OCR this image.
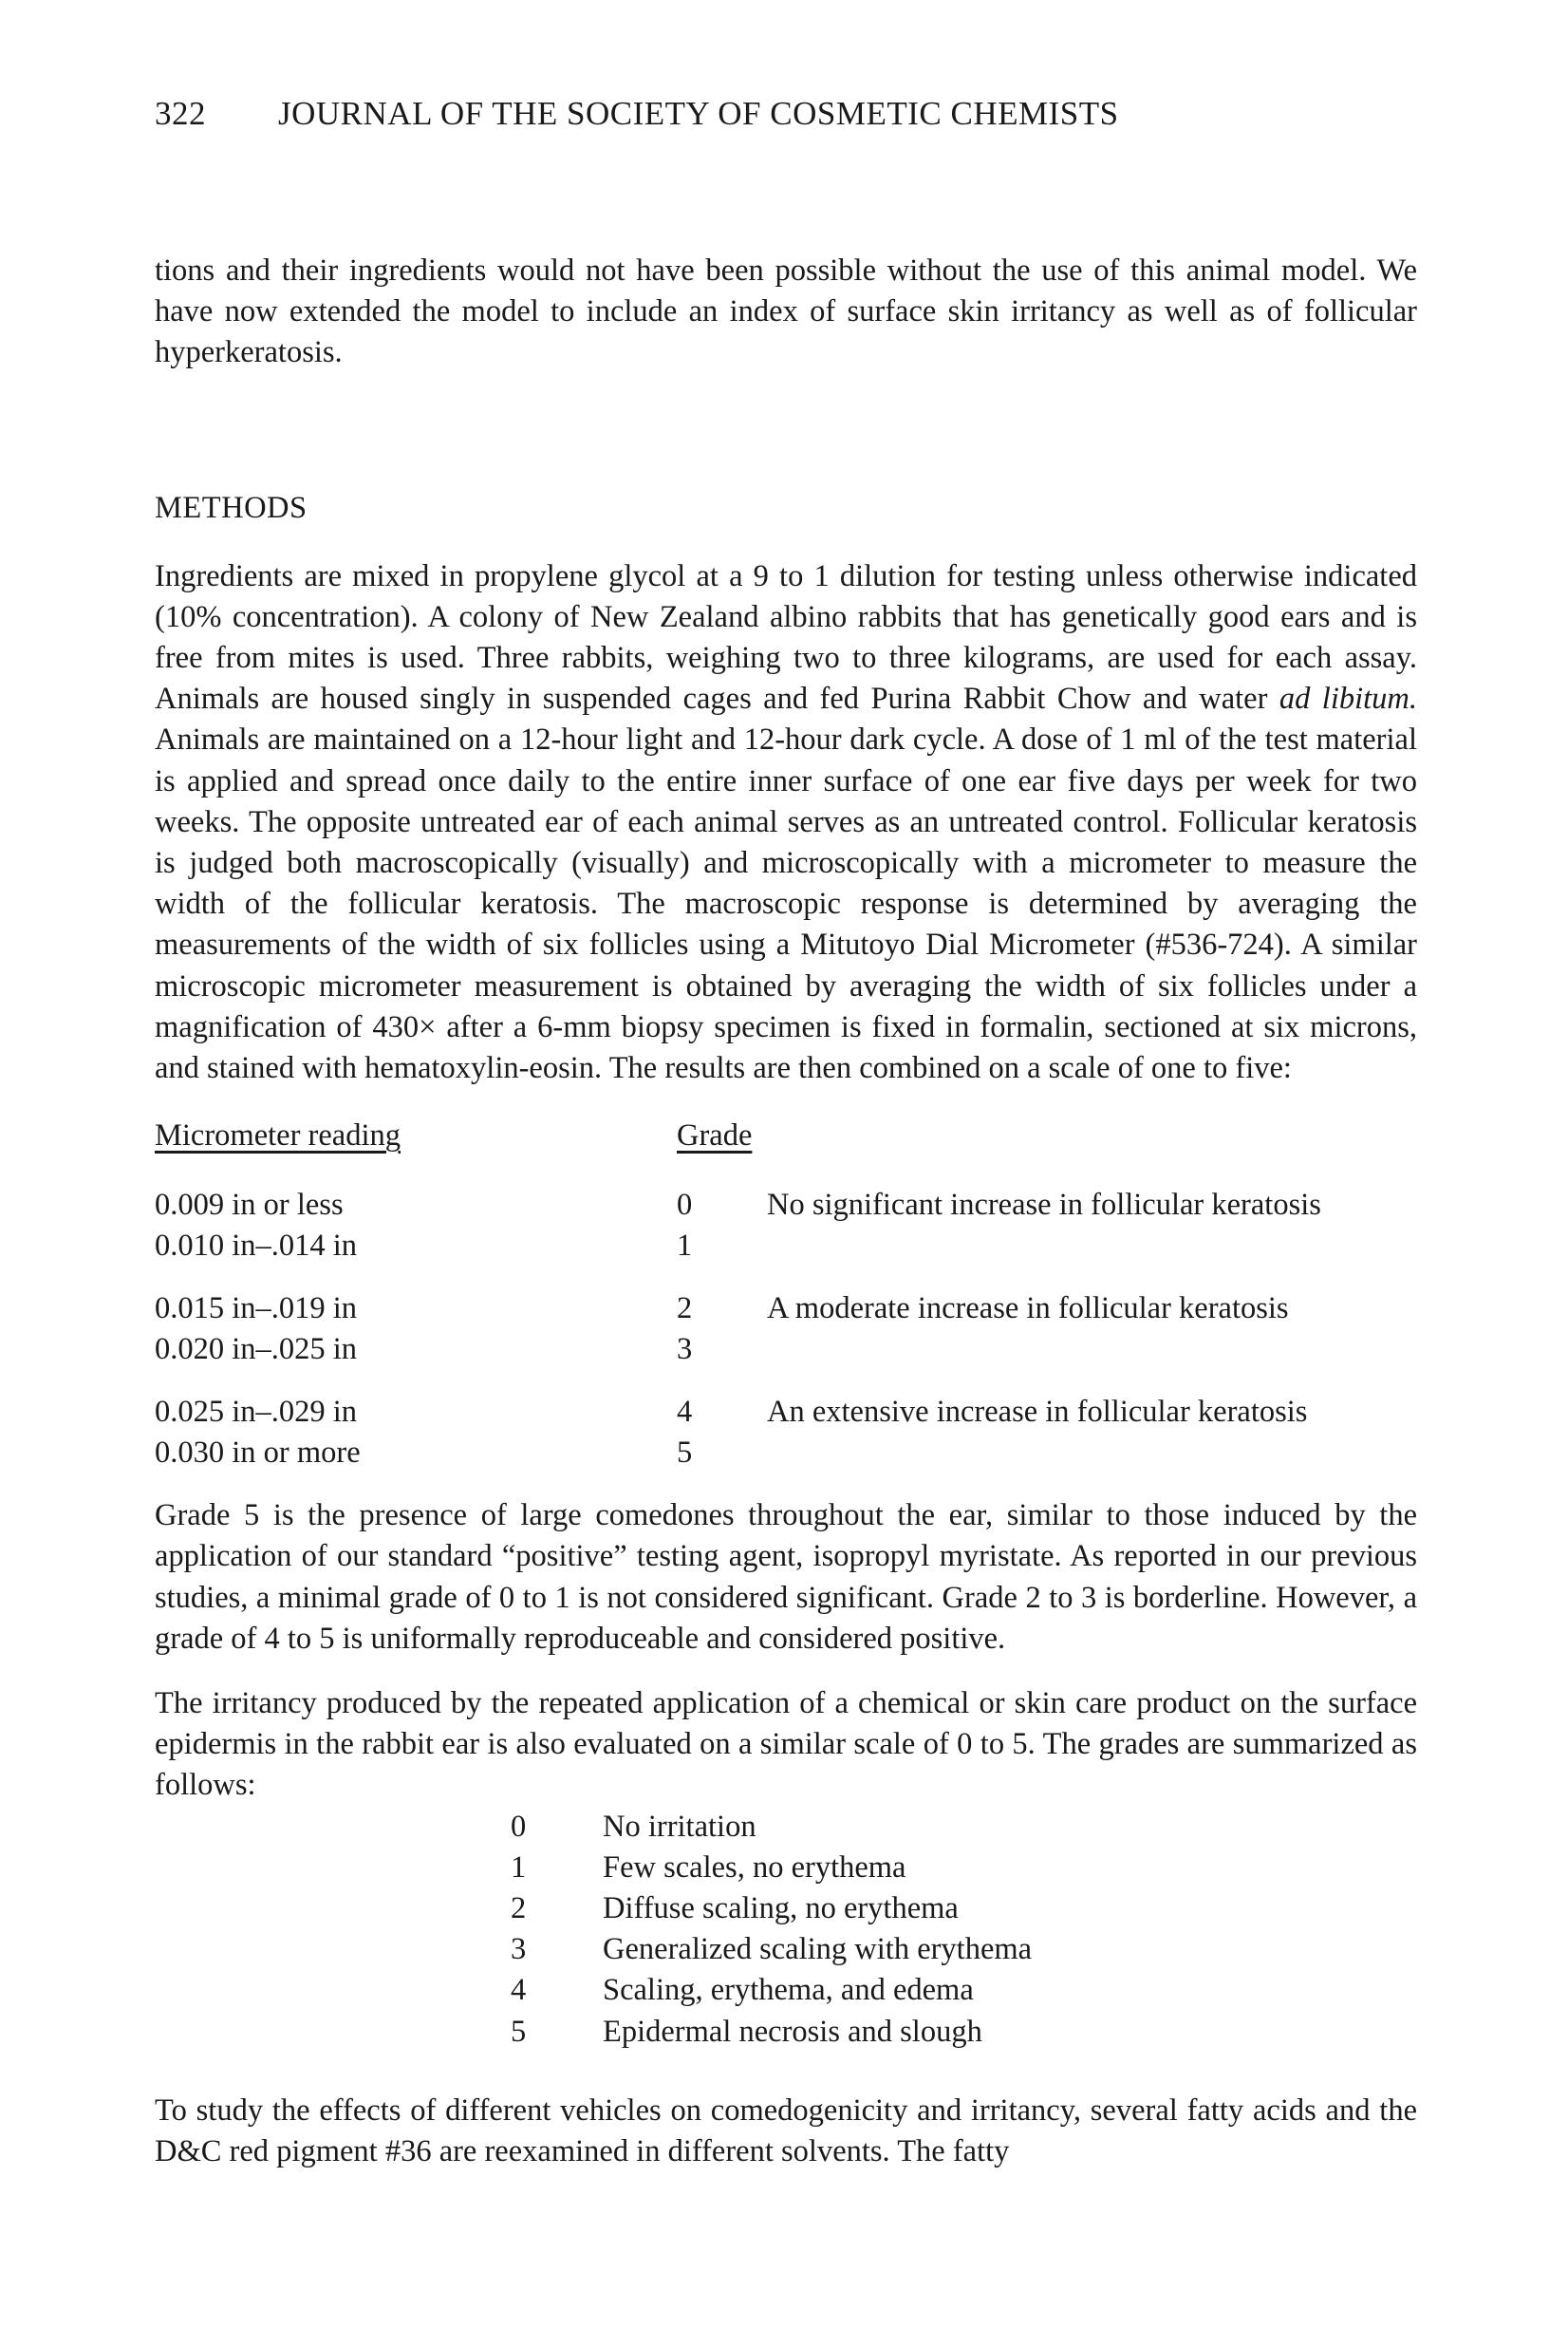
322 JOURNAL OF THE SOCIETY OF COSMETIC CHEMISTS

tions and their ingredients would not have been possible without the use of this animal model. We have now extended the model to include an index of surface skin irritancy as well as of follicular hyperkeratosis.

METHODS

Ingredients are mixed in propylene glycol at a 9 to 1 dilution for testing unless otherwise indicated (10% concentration). A colony of New Zealand albino rabbits that has genetically good ears and is free from mites is used. Three rabbits, weighing two to three kilograms, are used for each assay. Animals are housed singly in suspended cages and fed Purina Rabbit Chow and water ad libitum. Animals are maintained on a 12-hour light and 12-hour dark cycle. A dose of 1 ml of the test material is applied and spread once daily to the entire inner surface of one ear five days per week for two weeks. The opposite untreated ear of each animal serves as an untreated control. Follicular keratosis is judged both macroscopically (visually) and microscopically with a micrometer to measure the width of the follicular keratosis. The macroscopic response is determined by averaging the measurements of the width of six follicles using a Mitutoyo Dial Micrometer (#536-724). A similar microscopic micrometer measurement is obtained by averaging the width of six follicles under a magnification of 430× after a 6-mm biopsy specimen is fixed in formalin, sectioned at six microns, and stained with hematoxylin-eosin. The results are then combined on a scale of one to five:

Micrometer reading	Grade
0.009 in or less	0 No significant increase in follicular keratosis
0.010 in–.014 in	1
0.015 in–.019 in	2 A moderate increase in follicular keratosis
0.020 in–.025 in	3
0.025 in–.029 in	4 An extensive increase in follicular keratosis
0.030 in or more	5

Grade 5 is the presence of large comedones throughout the ear, similar to those induced by the application of our standard “positive” testing agent, isopropyl myristate. As reported in our previous studies, a minimal grade of 0 to 1 is not considered significant. Grade 2 to 3 is borderline. However, a grade of 4 to 5 is uniformally reproduceable and considered positive.

The irritancy produced by the repeated application of a chemical or skin care product on the surface epidermis in the rabbit ear is also evaluated on a similar scale of 0 to 5. The grades are summarized as follows:

0 No irritation
1 Few scales, no erythema
2 Diffuse scaling, no erythema
3 Generalized scaling with erythema
4 Scaling, erythema, and edema
5 Epidermal necrosis and slough

To study the effects of different vehicles on comedogenicity and irritancy, several fatty acids and the D&C red pigment #36 are reexamined in different solvents. The fatty
